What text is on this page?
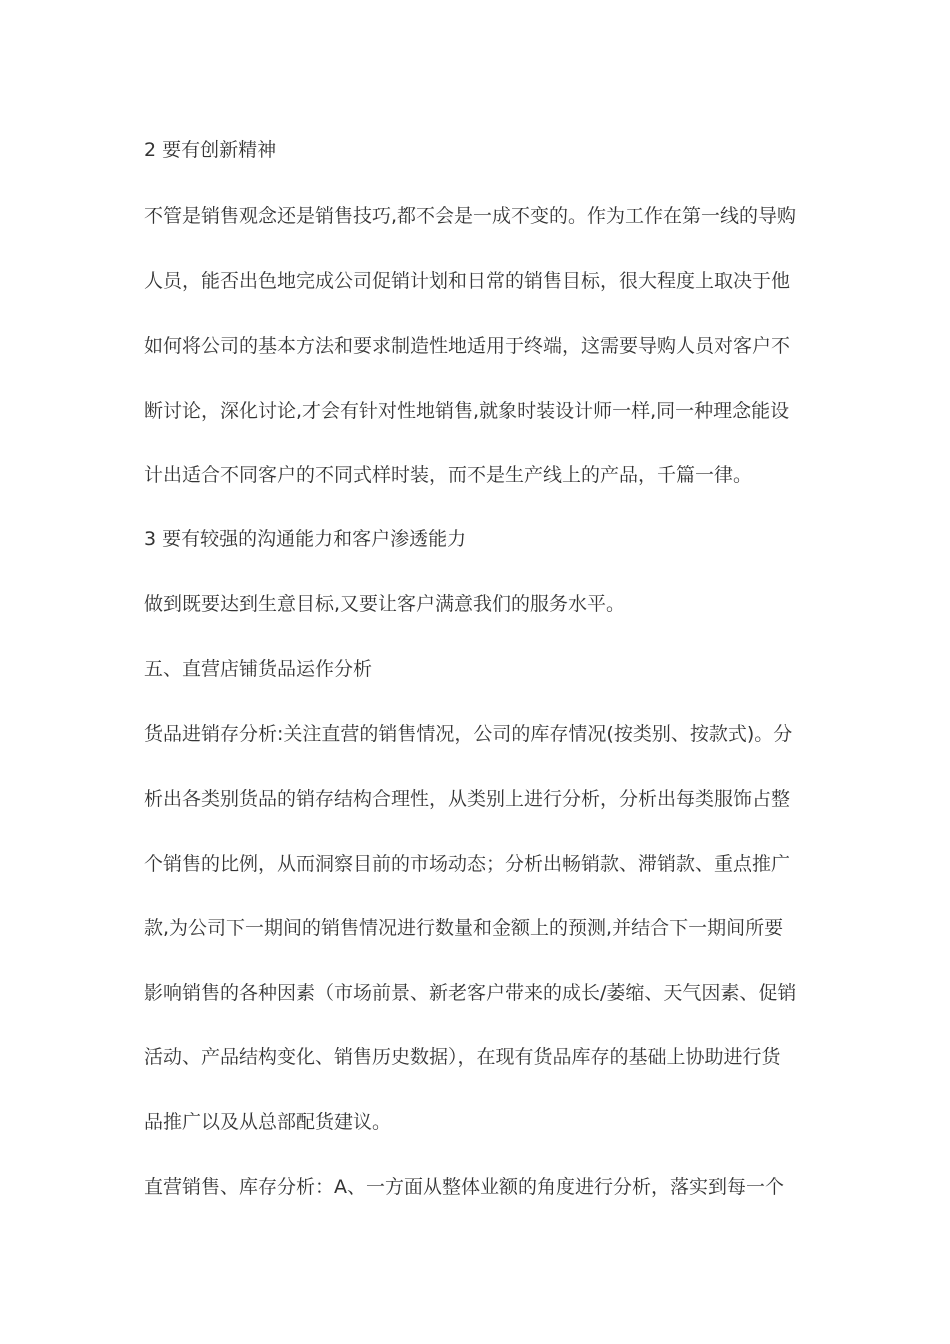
2 要有创新精神
不管是销售观念还是销售技巧,都不会是一成不变的。作为工作在第一线的导购
人员，能否出色地完成公司促销计划和日常的销售目标，很大程度上取决于他
如何将公司的基本方法和要求制造性地适用于终端，这需要导购人员对客户不
断讨论，深化讨论,才会有针对性地销售,就象时装设计师一样,同一种理念能设
计出适合不同客户的不同式样时装，而不是生产线上的产品，千篇一律。
3 要有较强的沟通能力和客户渗透能力
做到既要达到生意目标,又要让客户满意我们的服务水平。
五、直营店铺货品运作分析
货品进销存分析:关注直营的销售情况，公司的库存情况(按类别、按款式)。分
析出各类别货品的销存结构合理性，从类别上进行分析，分析出每类服饰占整
个销售的比例，从而洞察目前的市场动态；分析出畅销款、滞销款、重点推广
款,为公司下一期间的销售情况进行数量和金额上的预测,并结合下一期间所要
影响销售的各种因素（市场前景、新老客户带来的成长/萎缩、天气因素、促销
活动、产品结构变化、销售历史数据），在现有货品库存的基础上协助进行货
品推广以及从总部配货建议。
直营销售、库存分析：A、一方面从整体业额的角度进行分析，落实到每一个
